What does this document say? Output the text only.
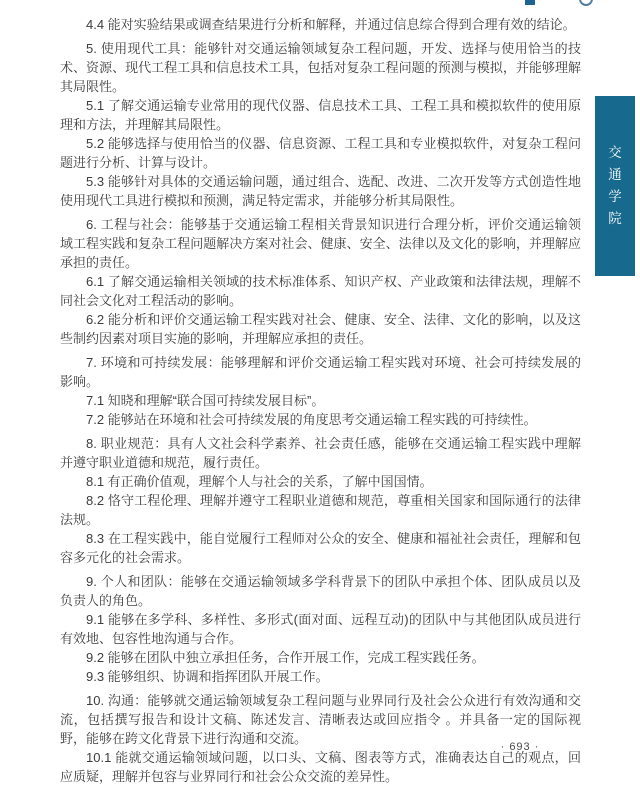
4.4 能对实验结果或调查结果进行分析和解释，并通过信息综合得到合理有效的结论。

5. 使用现代工具：能够针对交通运输领域复杂工程问题，开发、选择与使用恰当的技术、资源、现代工程工具和信息技术工具，包括对复杂工程问题的预测与模拟，并能够理解其局限性。

5.1 了解交通运输专业常用的现代仪器、信息技术工具、工程工具和模拟软件的使用原理和方法，并理解其局限性。

5.2 能够选择与使用恰当的仪器、信息资源、工程工具和专业模拟软件，对复杂工程问题进行分析、计算与设计。

5.3 能够针对具体的交通运输问题，通过组合、选配、改进、二次开发等方式创造性地使用现代工具进行模拟和预测，满足特定需求，并能够分析其局限性。

6. 工程与社会：能够基于交通运输工程相关背景知识进行合理分析，评价交通运输领域工程实践和复杂工程问题解决方案对社会、健康、安全、法律以及文化的影响，并理解应承担的责任。

6.1 了解交通运输相关领域的技术标准体系、知识产权、产业政策和法律法规，理解不同社会文化对工程活动的影响。

6.2 能分析和评价交通运输工程实践对社会、健康、安全、法律、文化的影响，以及这些制约因素对项目实施的影响，并理解应承担的责任。

7. 环境和可持续发展：能够理解和评价交通运输工程实践对环境、社会可持续发展的影响。

7.1 知晓和理解“联合国可持续发展目标”。

7.2 能够站在环境和社会可持续发展的角度思考交通运输工程实践的可持续性。

8. 职业规范：具有人文社会科学素养、社会责任感，能够在交通运输工程实践中理解并遵守职业道德和规范，履行责任。

8.1 有正确价值观，理解个人与社会的关系，了解中国国情。

8.2 恪守工程伦理、理解并遵守工程职业道德和规范，尊重相关国家和国际通行的法律法规。

8.3 在工程实践中，能自觉履行工程师对公众的安全、健康和福祉社会责任，理解和包容多元化的社会需求。

9. 个人和团队：能够在交通运输领域多学科背景下的团队中承担个体、团队成员以及负责人的角色。

9.1 能够在多学科、多样性、多形式(面对面、远程互动)的团队中与其他团队成员进行有效地、包容性地沟通与合作。

9.2 能够在团队中独立承担任务，合作开展工作，完成工程实践任务。

9.3 能够组织、协调和指挥团队开展工作。

10. 沟通：能够就交通运输领域复杂工程问题与业界同行及社会公众进行有效沟通和交流，包括撰写报告和设计文稿、陈述发言、清晰表达或回应指令 。并具备一定的国际视野，能够在跨文化背景下进行沟通和交流。

10.1 能就交通运输领域问题，以口头、文稿、图表等方式，准确表达自己的观点，回应质疑，理解并包容与业界同行和社会公众交流的差异性。

交通学院
· 693 ·
